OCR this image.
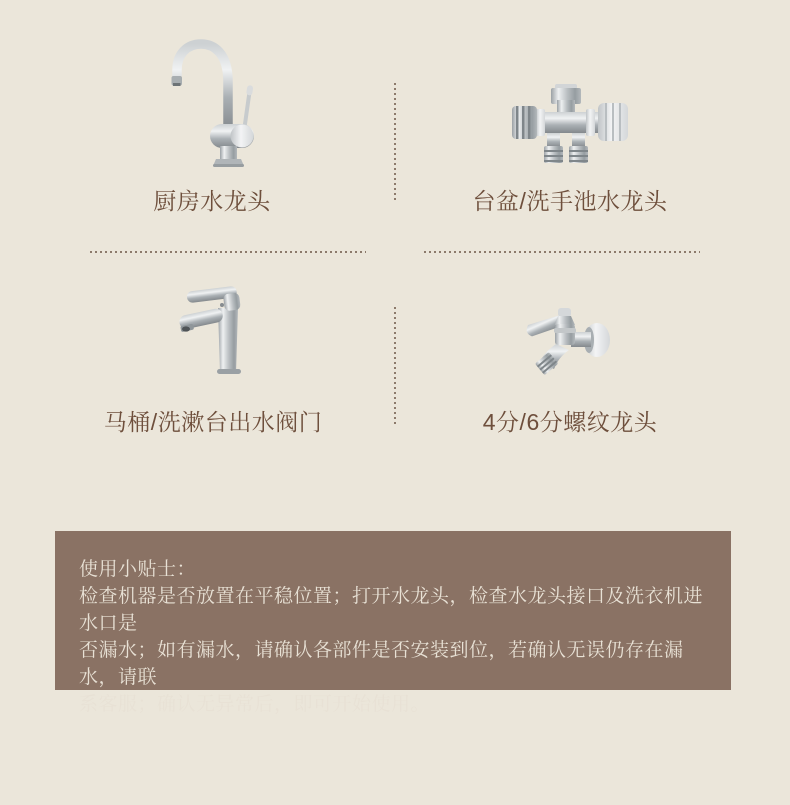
厨房水龙头	台盆/洗手池水龙头
马桶/洗漱台出水阀门	4分/6分螺纹龙头
使用小贴士：
检查机器是否放置在平稳位置；打开水龙头，检查水龙头接口及洗衣机进水口是
否漏水；如有漏水，请确认各部件是否安装到位，若确认无误仍存在漏水，请联
系客服；确认无异常后，即可开始使用。
